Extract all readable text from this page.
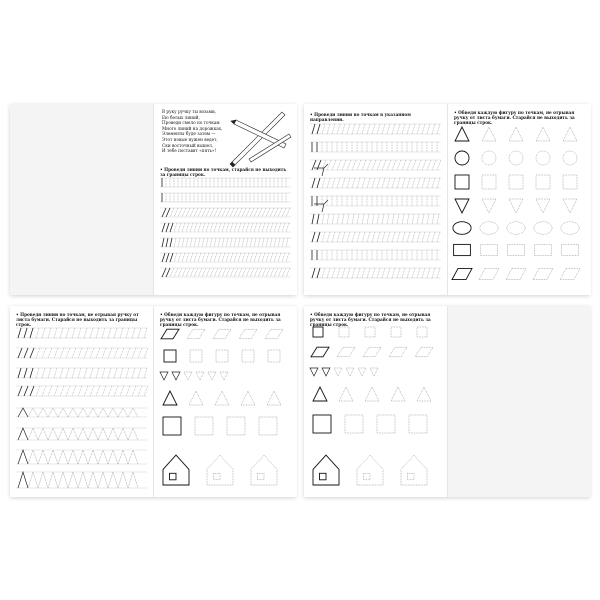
В руку ручку ты возьми,
Ею белых линий,
Проведи смело по точкам
Много линий на дорожках,
Элементы буде затем —
Этот новые нужен ведет,
Cки восточный вышел,
И тебе поставят «пять»!
• Проведи линии по точкам, старайся не выходить за границы строк.
• Проведи линии по точкам в указанном направлении.
• Обведи каждую фигуру по точкам, не отрывая ручку от листа бумаги. Старайся не выходить за границы строк.
• Проведи линии по точкам, не отрывая ручку от листа бумаги. Старайся не выходить за границы строк.
• Обведи каждую фигуру по точкам, не отрывая ручку от листа бумаги. Старайся не выходить за границы строк.
• Обведи каждую фигуру по точкам, не отрывая ручку от листа бумаги. Старайся не выходить за границы строк.
